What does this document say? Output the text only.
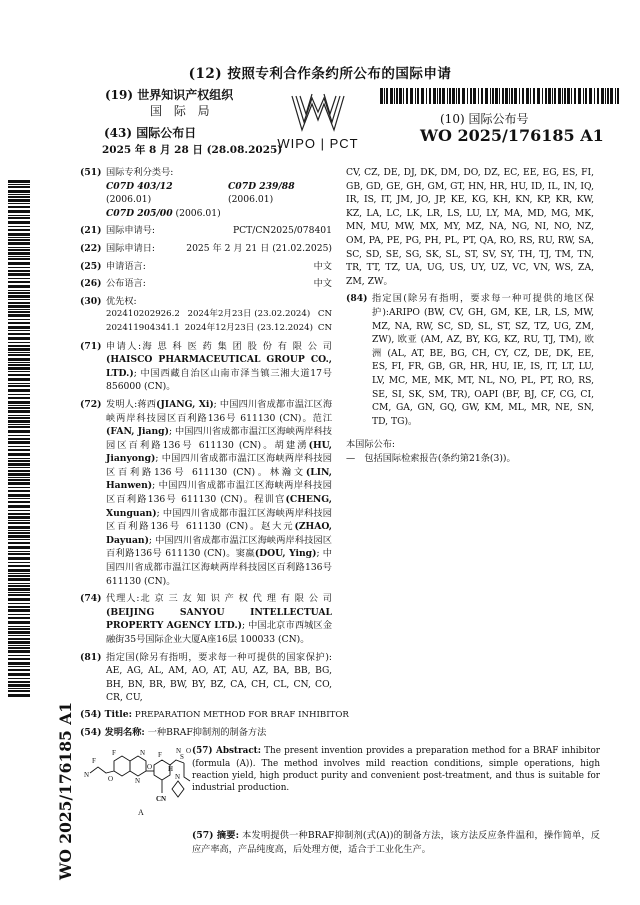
(12) 按照专利合作条约所公布的国际申请
(19) 世界知识产权组织
国 际 局
(43) 国际公布日
2025 年 8 月 28 日 (28.08.2025)
WIPO | PCT
(10) 国际公布号
WO 2025/176185 A1
WO 2025/176185 A1
(51) 国际专利分类号:
C07D 403/12 (2006.01)
C07D 239/88 (2006.01)
C07D 205/00 (2006.01)
(21) 国际申请号:	PCT/CN2025/078401
(22) 国际申请日:	2025 年 2 月 21 日 (21.02.2025)
(25) 申请语言:	中文
(26) 公布语言:	中文
(30) 优先权:
202410202926.2 2024年2月23日 (23.02.2024) CN
202411904341.1 2024年12月23日 (23.12.2024) CN
(71) 申请人:海 思 科 医 药 集 团 股 份 有 限 公 司 (HAISCO PHARMACEUTICAL GROUP CO., LTD.); 中国西藏自治区山南市泽当镇三湘大道17号 856000 (CN)。
(72) 发明人:蒋西(JIANG, Xi); 中国四川省成都市温江区海峡两岸科技园区百利路136号 611130 (CN)。范江(FAN, Jiang); 中国四川省成都市温江区海峡两岸科技园区百利路136号 611130 (CN)。胡建湧(HU, Jianyong); 中国四川省成都市温江区海峡两岸科技园区百利路136号 611130 (CN)。林瀚文(LIN, Hanwen); 中国四川省成都市温江区海峡两岸科技园区百利路136号 611130 (CN)。程训官(CHENG, Xunguan); 中国四川省成都市温江区海峡两岸科技园区百利路136号 611130 (CN)。赵大元(ZHAO, Dayuan); 中国四川省成都市温江区海峡两岸科技园区百利路136号 611130 (CN)。窦嬴(DOU, Ying); 中国四川省成都市温江区海峡两岸科技园区百利路136号 611130 (CN)。
(74) 代理人:北 京 三 友 知 识 产 权 代 理 有 限 公 司 (BEIJING SANYOU INTELLECTUAL PROPERTY AGENCY LTD.); 中国北京市西城区金融街35号国际企业大厦A座16层 100033 (CN)。
(81) 指定国(除另有指明，要求每一种可提供的国家保护): AE, AG, AL, AM, AO, AT, AU, AZ, BA, BB, BG, BH, BN, BR, BW, BY, BZ, CA, CH, CL, CN, CO, CR, CU,
CV, CZ, DE, DJ, DK, DM, DO, DZ, EC, EE, EG, ES, FI, GB, GD, GE, GH, GM, GT, HN, HR, HU, ID, IL, IN, IQ, IR, IS, IT, JM, JO, JP, KE, KG, KH, KN, KP, KR, KW, KZ, LA, LC, LK, LR, LS, LU, LY, MA, MD, MG, MK, MN, MU, MW, MX, MY, MZ, NA, NG, NI, NO, NZ, OM, PA, PE, PG, PH, PL, PT, QA, RO, RS, RU, RW, SA, SC, SD, SE, SG, SK, SL, ST, SV, SY, TH, TJ, TM, TN, TR, TT, TZ, UA, UG, US, UY, UZ, VC, VN, WS, ZA, ZM, ZW。
(84) 指定国(除另有指明，要求每一种可提供的地区保护):ARIPO (BW, CV, GH, GM, KE, LR, LS, MW, MZ, NA, RW, SC, SD, SL, ST, SZ, TZ, UG, ZM, ZW), 欧亚 (AM, AZ, BY, KG, KZ, RU, TJ, TM), 欧洲 (AL, AT, BE, BG, CH, CY, CZ, DE, DK, EE, ES, FI, FR, GB, GR, HR, HU, IE, IS, IT, LT, LU, LV, MC, ME, MK, MT, NL, NO, PL, PT, RO, RS, SE, SI, SK, SM, TR), OAPI (BF, BJ, CF, CG, CI, CM, GA, GN, GQ, GW, KM, ML, MR, NE, SN, TD, TG)。
本国际公布:
—　包括国际检索报告(条约第21条(3))。
(54) Title: PREPARATION METHOD FOR BRAF INHIBITOR
(54) 发明名称: 一种BRAF抑制剂的制备方法
F
N	O
F	N
N
O
S
F
CN
N O
N
H
A
(57) Abstract: The present invention provides a preparation method for a BRAF inhibitor (formula (A)). The method involves mild reaction conditions, simple operations, high reaction yield, high product purity and convenient post-treatment, and thus is suitable for industrial production.
(57) 摘要: 本发明提供一种BRAF抑制剂(式(A))的制备方法，该方法反应条件温和，操作简单，反应产率高，产品纯度高，后处理方便，适合于工业化生产。
